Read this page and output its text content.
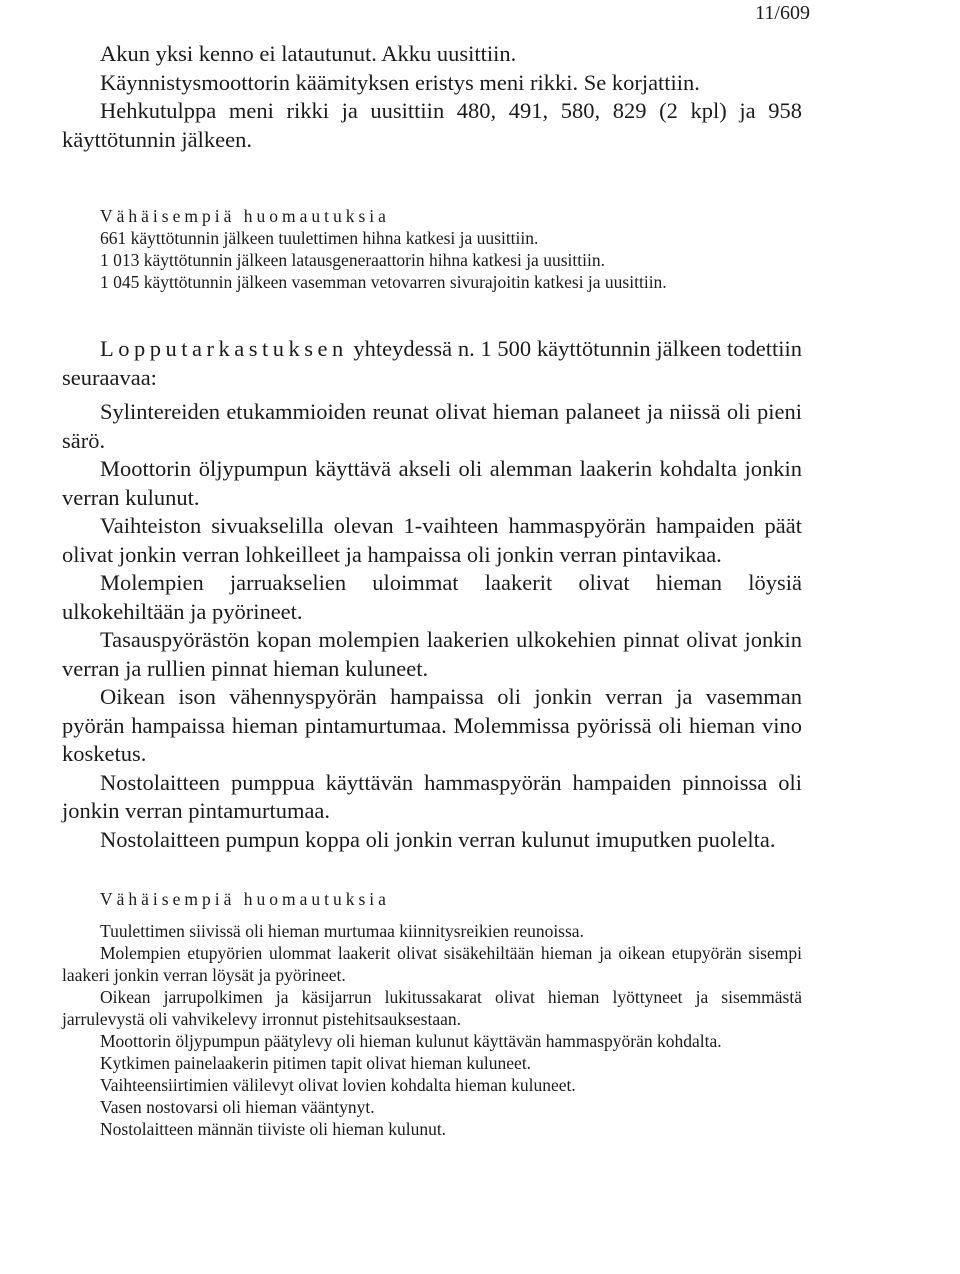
11/609

Akun yksi kenno ei latautunut. Akku uusittiin.

Käynnistysmoottorin käämityksen eristys meni rikki. Se korjattiin.

Hehkutulppa meni rikki ja uusittiin 480, 491, 580, 829 (2 kpl) ja 958 käyttötunnin jälkeen.

Vähäisempiä huomautuksia

661 käyttötunnin jälkeen tuulettimen hihna katkesi ja uusittiin.

1 013 käyttötunnin jälkeen latausgeneraattorin hihna katkesi ja uusittiin.

1 045 käyttötunnin jälkeen vasemman vetovarren sivurajoitin katkesi ja uusittiin.

Lopputarkastuksen yhteydessä n. 1 500 käyttötunnin jälkeen todettiin seuraavaa:

Sylintereiden etukammioiden reunat olivat hieman palaneet ja niissä oli pieni särö.

Moottorin öljypumpun käyttävä akseli oli alemman laakerin kohdalta jonkin verran kulunut.

Vaihteiston sivuakselilla olevan 1-vaihteen hammaspyörän hampaiden päät olivat jonkin verran lohkeilleet ja hampaissa oli jonkin verran pintavikaa.

Molempien jarruakselien uloimmat laakerit olivat hieman löysiä ulkokehiltään ja pyörineet.

Tasauspyörästön kopan molempien laakerien ulkokehien pinnat olivat jonkin verran ja rullien pinnat hieman kuluneet.

Oikean ison vähennyspyörän hampaissa oli jonkin verran ja vasemman pyörän hampaissa hieman pintamurtumaa. Molemmissa pyörissä oli hieman vino kosketus.

Nostolaitteen pumppua käyttävän hammaspyörän hampaiden pinnoissa oli jonkin verran pintamurtumaa.

Nostolaitteen pumpun koppa oli jonkin verran kulunut imuputken puolelta.

Vähäisempiä huomautuksia

Tuulettimen siivissä oli hieman murtumaa kiinnitysreikien reunoissa.

Molempien etupyörien ulommat laakerit olivat sisäkehiltään hieman ja oikean etupyörän sisempi laakeri jonkin verran löysät ja pyörineet.

Oikean jarrupolkimen ja käsijarrun lukitussakarat olivat hieman lyöttyneet ja sisemmästä jarrulevystä oli vahvikelevy irronnut pistehitsauksestaan.

Moottorin öljypumpun päätylevy oli hieman kulunut käyttävän hammaspyörän kohdalta.

Kytkimen painelaakerin pitimen tapit olivat hieman kuluneet.

Vaihteensiirtimien välilevyt olivat lovien kohdalta hieman kuluneet.

Vasen nostovarsi oli hieman vääntynyt.

Nostolaitteen männän tiiviste oli hieman kulunut.
